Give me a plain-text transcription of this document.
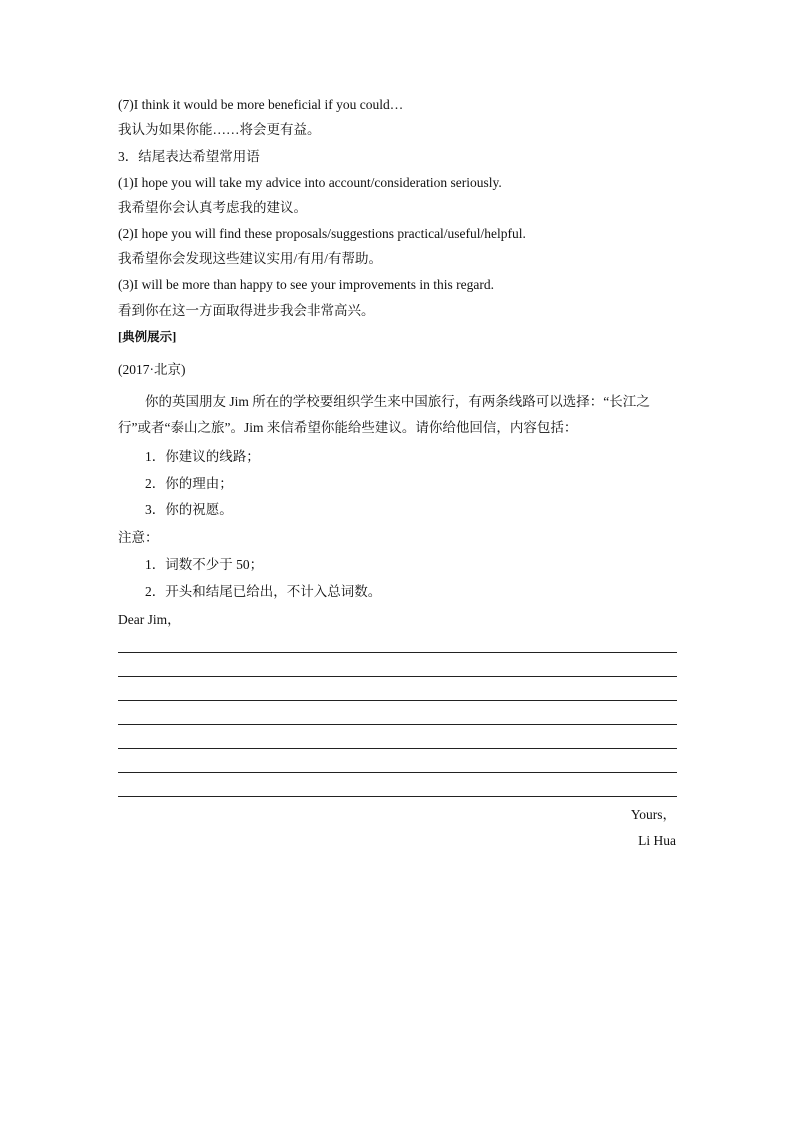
(7)I think it would be more beneficial if you could…
我认为如果你能……将会更有益。
3．结尾表达希望常用语
(1)I hope you will take my advice into account/consideration seriously.
我希望你会认真考虑我的建议。
(2)I hope you will find these proposals/suggestions practical/useful/helpful.
我希望你会发现这些建议实用/有用/有帮助。
(3)I will be more than happy to see your improvements in this regard.
看到你在这一方面取得进步我会非常高兴。
[典例展示]
(2017·北京)

你的英国朋友 Jim 所在的学校要组织学生来中国旅行，有两条线路可以选择：“长江之行”或者“泰山之旅”。Jim 来信希望你能给些建议。请你给他回信，内容包括：

1．你建议的线路；
2．你的理由；
3．你的祝愿。
注意：
1．词数不少于 50；
2．开头和结尾已给出，不计入总词数。
Dear Jim，
Yours，
Li Hua
